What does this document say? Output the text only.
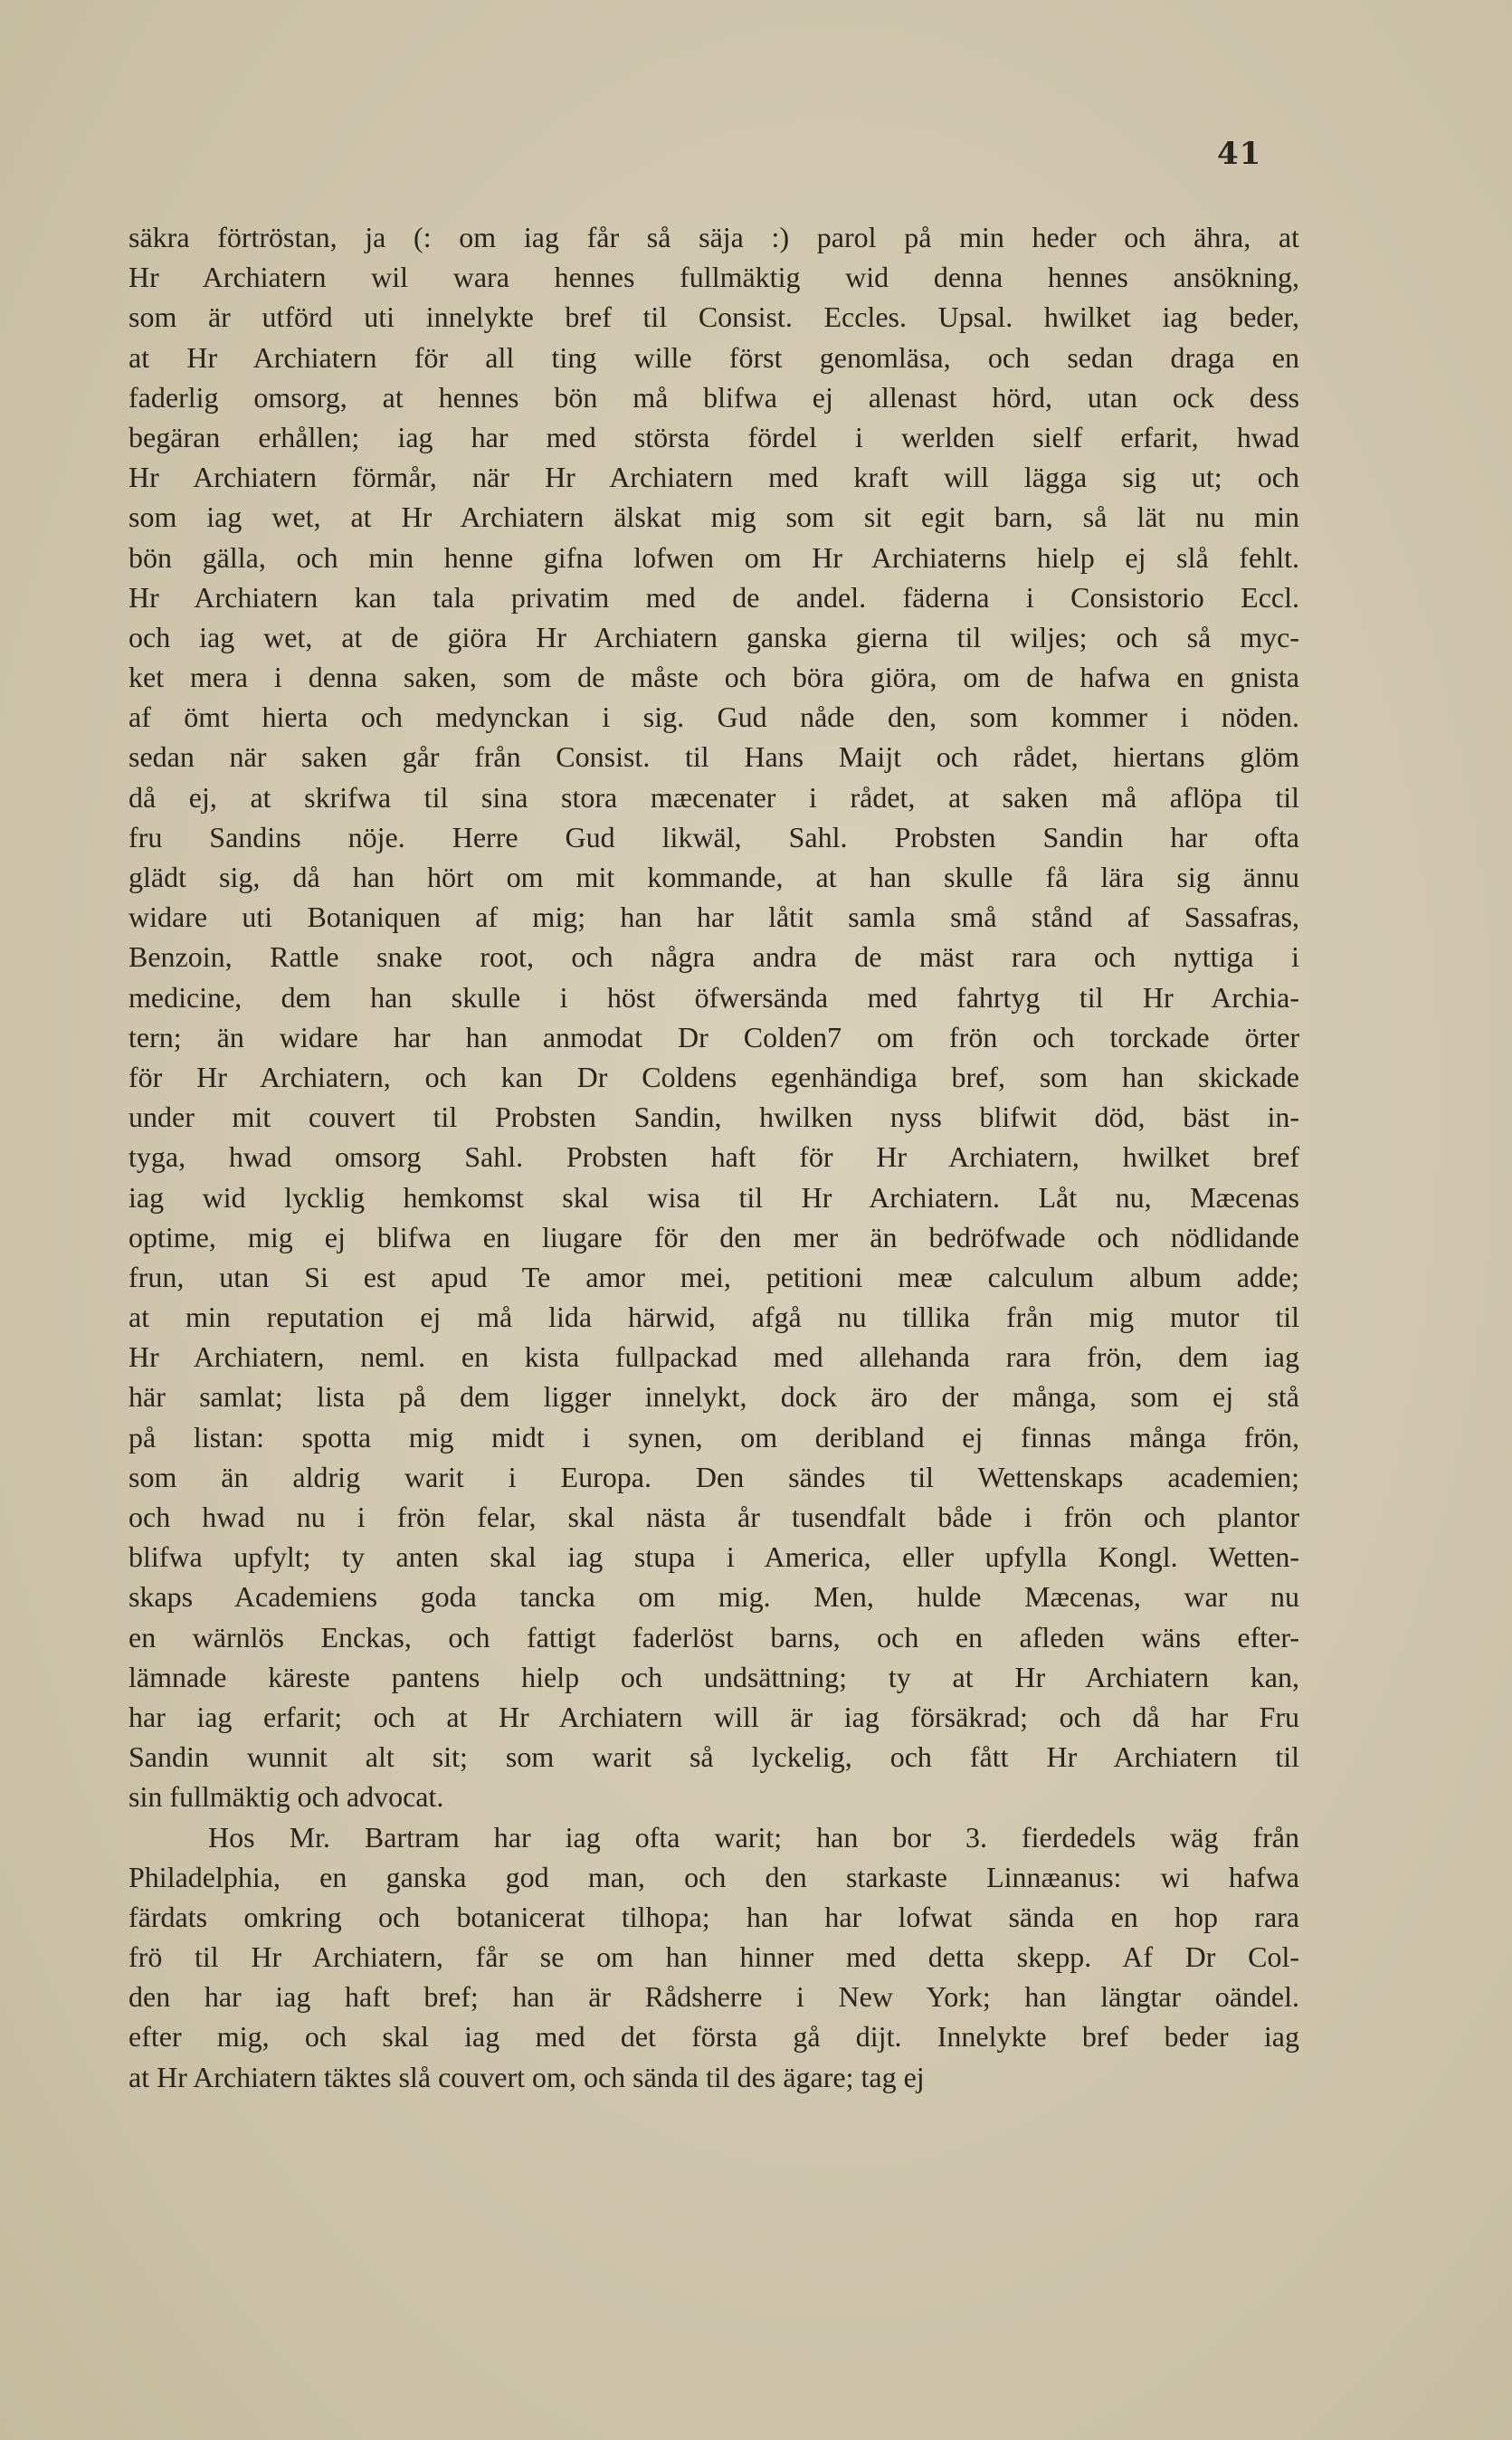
41
säkra förtröstan, ja (: om iag får så säja :) parol på min heder och ähra, at
Hr Archiatern wil wara hennes fullmäktig wid denna hennes ansökning,
som är utförd uti innelykte bref til Consist. Eccles. Upsal. hwilket iag beder,
at Hr Archiatern för all ting wille först genomläsa, och sedan draga en
faderlig omsorg, at hennes bön må blifwa ej allenast hörd, utan ock dess
begäran erhållen; iag har med största fördel i werlden sielf erfarit, hwad
Hr Archiatern förmår, när Hr Archiatern med kraft will lägga sig ut; och
som iag wet, at Hr Archiatern älskat mig som sit egit barn, så lät nu min
bön gälla, och min henne gifna lofwen om Hr Archiaterns hielp ej slå fehlt.
Hr Archiatern kan tala privatim med de andel. fäderna i Consistorio Eccl.
och iag wet, at de giöra Hr Archiatern ganska gierna til wiljes; och så myc-
ket mera i denna saken, som de måste och böra giöra, om de hafwa en gnista
af ömt hierta och medynckan i sig. Gud nåde den, som kommer i nöden.
sedan när saken går från Consist. til Hans Maijt och rådet, hiertans glöm
då ej, at skrifwa til sina stora mæcenater i rådet, at saken må aflöpa til
fru Sandins nöje. Herre Gud likwäl, Sahl. Probsten Sandin har ofta
glädt sig, då han hört om mit kommande, at han skulle få lära sig ännu
widare uti Botaniquen af mig; han har låtit samla små stånd af Sassafras,
Benzoin, Rattle snake root, och några andra de mäst rara och nyttiga i
medicine, dem han skulle i höst öfwersända med fahrtyg til Hr Archia-
tern; än widare har han anmodat Dr Colden7 om frön och torckade örter
för Hr Archiatern, och kan Dr Coldens egenhändiga bref, som han skickade
under mit couvert til Probsten Sandin, hwilken nyss blifwit död, bäst in-
tyga, hwad omsorg Sahl. Probsten haft för Hr Archiatern, hwilket bref
iag wid lycklig hemkomst skal wisa til Hr Archiatern. Låt nu, Mæcenas
optime, mig ej blifwa en liugare för den mer än bedröfwade och nödlidande
frun, utan Si est apud Te amor mei, petitioni meæ calculum album adde;
at min reputation ej må lida härwid, afgå nu tillika från mig mutor til
Hr Archiatern, neml. en kista fullpackad med allehanda rara frön, dem iag
här samlat; lista på dem ligger innelykt, dock äro der många, som ej stå
på listan: spotta mig midt i synen, om deribland ej finnas många frön,
som än aldrig warit i Europa. Den sändes til Wettenskaps academien;
och hwad nu i frön felar, skal nästa år tusendfalt både i frön och plantor
blifwa upfylt; ty anten skal iag stupa i America, eller upfylla Kongl. Wetten-
skaps Academiens goda tancka om mig. Men, hulde Mæcenas, war nu
en wärnlös Enckas, och fattigt faderlöst barns, och en afleden wäns efter-
lämnade käreste pantens hielp och undsättning; ty at Hr Archiatern kan,
har iag erfarit; och at Hr Archiatern will är iag försäkrad; och då har Fru
Sandin wunnit alt sit; som warit så lyckelig, och fått Hr Archiatern til
sin fullmäktig och advocat.
Hos Mr. Bartram har iag ofta warit; han bor 3. fierdedels wäg från
Philadelphia, en ganska god man, och den starkaste Linnæanus: wi hafwa
färdats omkring och botanicerat tilhopa; han har lofwat sända en hop rara
frö til Hr Archiatern, får se om han hinner med detta skepp. Af Dr Col-
den har iag haft bref; han är Rådsherre i New York; han längtar oändel.
efter mig, och skal iag med det första gå dijt. Innelykte bref beder iag
at Hr Archiatern täktes slå couvert om, och sända til des ägare; tag ej
